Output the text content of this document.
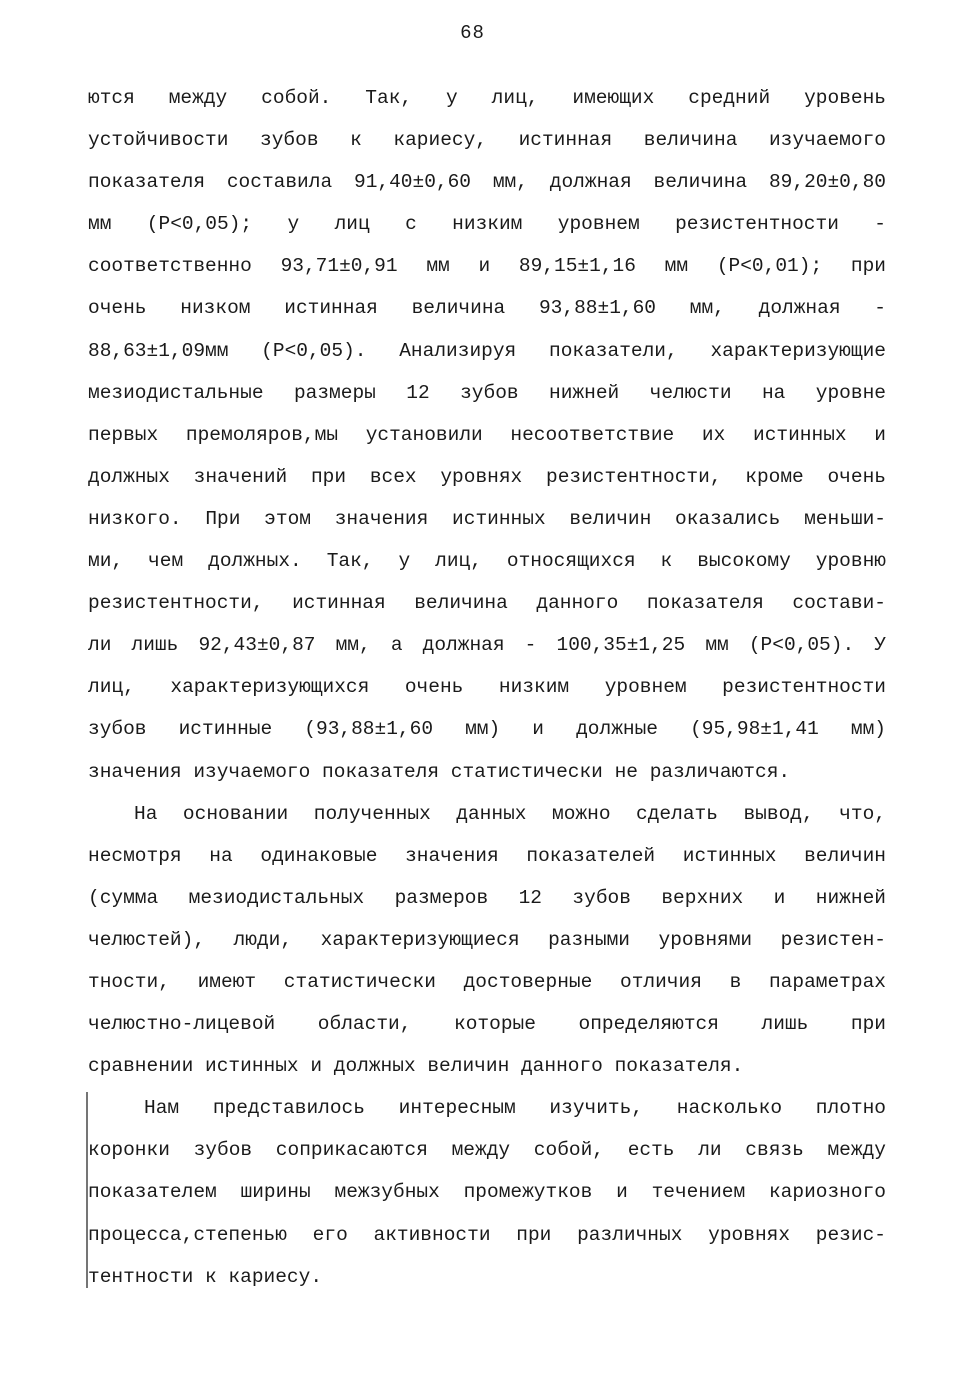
68
ются между собой. Так, у лиц, имеющих средний уровень
устойчивости зубов к кариесу, истинная величина изучаемого
показателя составила 91,40±0,60 мм, должная величина 89,20±0,80
мм (P<0,05); у лиц с низким уровнем резистентности -
соответственно 93,71±0,91 мм и 89,15±1,16 мм (P<0,01); при
очень низком истинная величина 93,88±1,60 мм, должная -
88,63±1,09мм (P<0,05). Анализируя показатели, характеризующие
мезиодистальные размеры 12 зубов нижней челюсти на уровне
первых премоляров,мы установили несоответствие их истинных и
должных значений при всех уровнях резистентности, кроме очень
низкого. При этом значения истинных величин оказались меньши-
ми, чем должных. Так, у лиц, относящихся к высокому уровню
резистентности, истинная величина данного показателя состави-
ли лишь 92,43±0,87 мм, а должная - 100,35±1,25 мм (P<0,05). У
лиц, характеризующихся очень низким уровнем резистентности
зубов истинные (93,88±1,60 мм) и должные (95,98±1,41 мм)
значения изучаемого показателя статистически не различаются.
На основании полученных данных можно сделать вывод, что,
несмотря на одинаковые значения показателей истинных величин
(сумма мезиодистальных размеров 12 зубов верхних и нижней
челюстей), люди, характеризующиеся разными уровнями резистен-
тности, имеют статистически достоверные отличия в параметрах
челюстно-лицевой области, которые определяются лишь при
сравнении истинных и должных величин данного показателя.
Нам представилось интересным изучить, насколько плотно
коронки зубов соприкасаются между собой, есть ли связь между
показателем ширины межзубных промежутков и течением кариозного
процесса,степенью его активности при различных уровнях резис-
тентности к кариесу.
